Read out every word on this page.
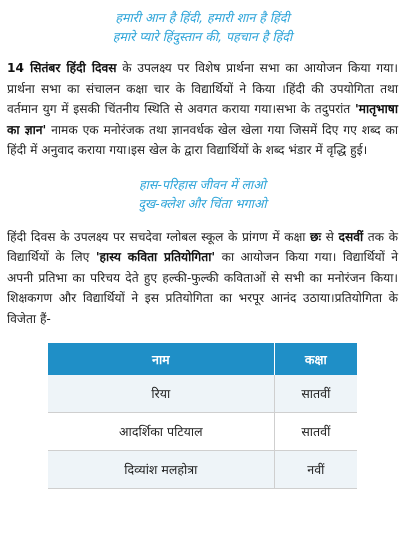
हमारी आन है हिंदी, हमारी शान है हिंदी
हमारे प्यारे हिंदुस्तान की, पहचान है हिंदी

14 सितंबर हिंदी दिवस के उपलक्ष्य पर विशेष प्रार्थना सभा का आयोजन किया गया।प्रार्थना सभा का संचालन कक्षा चार के विद्यार्थियों ने किया ।हिंदी की उपयोगिता तथा वर्तमान युग में इसकी चिंतनीय स्थिति से अवगत कराया गया।सभा के तदुपरांत 'मातृभाषा का ज्ञान' नामक एक मनोरंजक तथा ज्ञानवर्धक खेल खेला गया जिसमें दिए गए शब्द का हिंदी में अनुवाद कराया गया।इस खेल के द्वारा विद्यार्थियों के शब्द भंडार में वृद्धि हुई।

हास-परिहास जीवन में लाओ
दुख-क्लेश और चिंता भगाओ

हिंदी दिवस के उपलक्ष्य पर सचदेवा ग्लोबल स्कूल के प्रांगण में कक्षा छः से दसवीं तक के विद्यार्थियों के लिए 'हास्य कविता प्रतियोगिता' का आयोजन किया गया। विद्यार्थियों ने अपनी प्रतिभा का परिचय देते हुए हल्की-फुल्की कविताओं से सभी का मनोरंजन किया।शिक्षकगण और विद्यार्थियों ने इस प्रतियोगिता का भरपूर आनंद उठाया।प्रतियोगिता के विजेता हैं-

नाम	कक्षा
रिया	सातवीं
आदर्शिका पटियाल	सातवीं
दिव्यांश मलहोत्रा	नवीं
